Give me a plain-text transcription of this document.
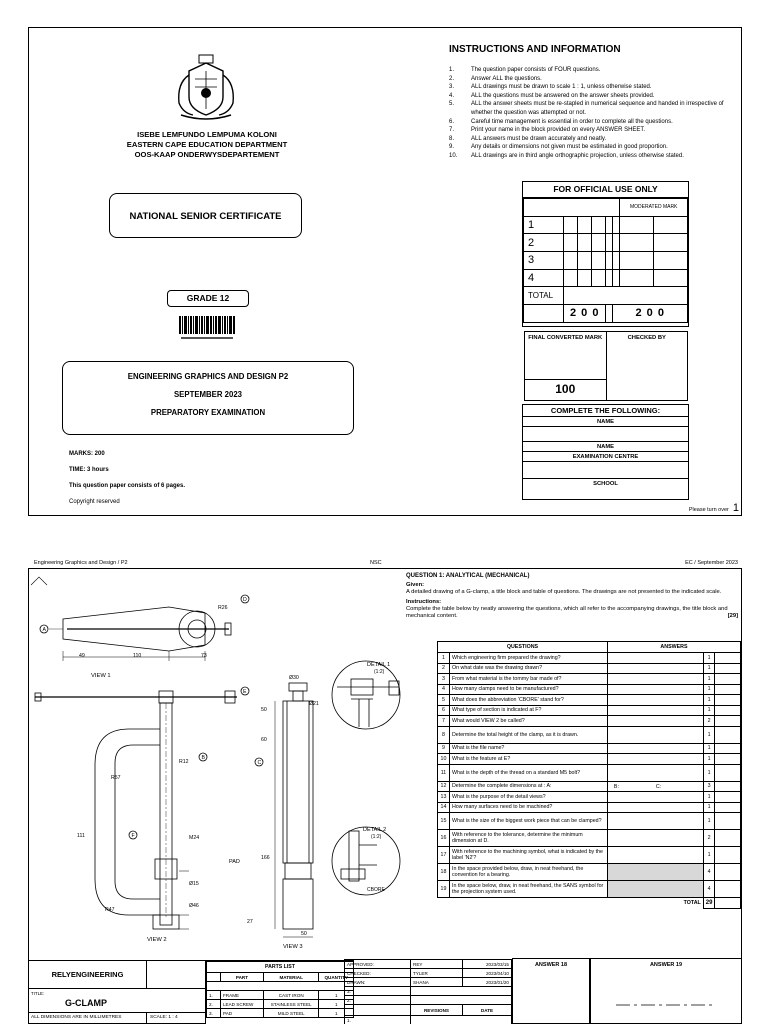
ISEBE LEMFUNDO LEMPUMA KOLONI
EASTERN CAPE EDUCATION DEPARTMENT
OOS-KAAP ONDERWYSDEPARTEMENT
NATIONAL SENIOR CERTIFICATE
GRADE 12
ENGINEERING GRAPHICS AND DESIGN P2
SEPTEMBER 2023
PREPARATORY EXAMINATION
MARKS: 200
TIME: 3 hours
This question paper consists of 6 pages.
Copyright reserved
INSTRUCTIONS AND INFORMATION
1.	The question paper consists of FOUR questions.
2.	Answer ALL the questions.
3.	ALL drawings must be drawn to scale 1 : 1, unless otherwise stated.
4.	ALL the questions must be answered on the answer sheets provided.
5.	ALL the answer sheets must be re-stapled in numerical sequence and handed in irrespective of whether the question was attempted or not.
6.	Careful time management is essential in order to complete all the questions.
7.	Print your name in the block provided on every ANSWER SHEET.
8.	ALL answers must be drawn accurately and neatly.
9.	Any details or dimensions not given must be estimated in good proportion.
10.	ALL drawings are in third angle orthographic projection, unless otherwise stated.
FOR OFFICIAL USE ONLY
						MODERATED MARK	
1							
2							
3							
4							
TOTAL							
	2 0 0				2 0 0		
FINAL CONVERTED MARK
100
CHECKED BY
COMPLETE THE FOLLOWING:
NAME
NAME
EXAMINATION CENTRE
SCHOOL
Please turn over 1
Engineering Graphics and Design / P2	NSC	EC / September 2023
A
B
C
D
E
F
VIEW 1
VIEW 2
VIEW 3
DETAIL 1
(1:2)
DETAIL 2
(1:2)
PAD
CBORE
49	110	73
R26
Ø30
Ø21
R12
R57
R47
111
Ø15
Ø46
27
50
M24
166
60
50
QUESTION 1: ANALYTICAL (MECHANICAL)
Given:
A detailed drawing of a G-clamp, a title block and table of questions. The drawings are not presented to the indicated scale.
Instructions:
Complete the table below by neatly answering the questions, which all refer to the accompanying drawings, the title block and mechanical content.	[29]
QUESTIONS		ANSWERS		
1	Which engineering firm prepared the drawing?		1	
2	On what date was the drawing drawn?		1	
3	From what material is the tommy bar made of?		1	
4	How many clamps need to be manufactured?		1	
5	What does the abbreviation 'CBORE' stand for?		1	
6	What type of section is indicated at F?		1	
7	What would VIEW 2 be called?		2	
8	Determine the total height of the clamp, as it is drawn.		1	
9	What is the file name?		1	
10	What is the feature at E?		1	
11	What is the depth of the thread on a standard M5 bolt?		1	
12	Determine the complete dimensions at : A:	B: C:	3	
13	What is the purpose of the detail views?		1	
14	How many surfaces need to be machined?		1	
15	What is the size of the biggest work piece that can be clamped?		1	
16	With reference to the tolerance, determine the minimum dimension at D.		2	
17	With reference to the machining symbol, what is indicated by the label 'N2'?		1	
18	In the space provided below, draw, in neat freehand, the convention for a bearing.		4	
19	In the space below, draw, in neat freehand, the SANS symbol for the projection system used.		4	
TOTAL			29	
RELYENGINEERING
TITLE:
G-CLAMP
ALL DIMENSIONS ARE IN MILLIMETRES	SCALE: 1 : 4
PARTS LIST			
	PART	MATERIAL	QUANTITY

1.	FRAME	CAST IRON	1
2.	LEAD SCREW	STAINLESS STEEL	1
3.	PAD	MILD STEEL	1
APPROVED:	REY	2023/03/15
CHECKED:	TYLER	2023/04/10
DRAWN:	SHANA	2023/01/20
3.		
2.		
	REVISIONS	DATE
1.		
ANSWER 18	ANSWER 19
